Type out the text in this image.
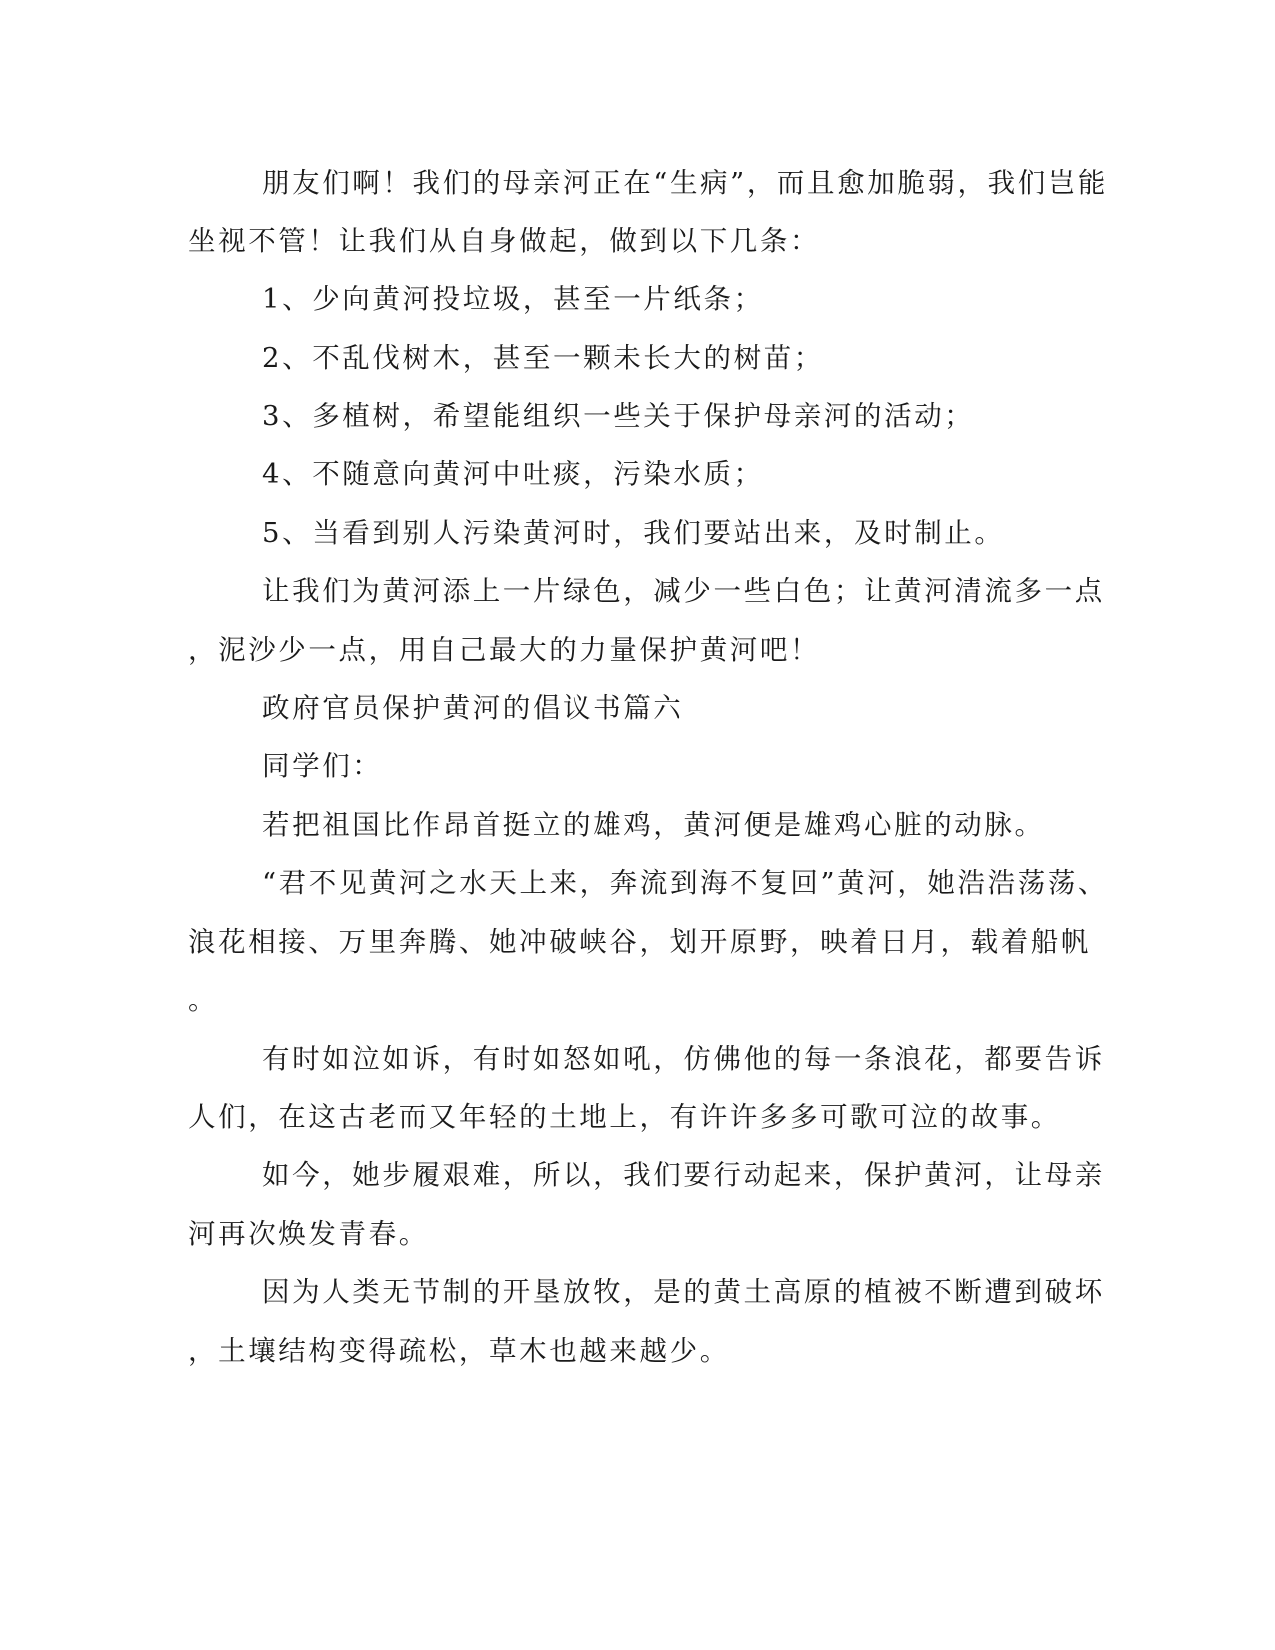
朋友们啊！我们的母亲河正在“生病”，而且愈加脆弱，我们岂能
坐视不管！让我们从自身做起，做到以下几条：
1、少向黄河投垃圾，甚至一片纸条；
2、不乱伐树木，甚至一颗未长大的树苗；
3、多植树，希望能组织一些关于保护母亲河的活动；
4、不随意向黄河中吐痰，污染水质；
5、当看到别人污染黄河时，我们要站出来，及时制止。
让我们为黄河添上一片绿色，减少一些白色；让黄河清流多一点
，泥沙少一点，用自己最大的力量保护黄河吧！
政府官员保护黄河的倡议书篇六
同学们：
若把祖国比作昂首挺立的雄鸡，黄河便是雄鸡心脏的动脉。
“君不见黄河之水天上来，奔流到海不复回”黄河，她浩浩荡荡、
浪花相接、万里奔腾、她冲破峡谷，划开原野，映着日月，载着船帆
。
有时如泣如诉，有时如怒如吼，仿佛他的每一条浪花，都要告诉
人们，在这古老而又年轻的土地上，有许许多多可歌可泣的故事。
如今，她步履艰难，所以，我们要行动起来，保护黄河，让母亲
河再次焕发青春。
因为人类无节制的开垦放牧，是的黄土高原的植被不断遭到破坏
，土壤结构变得疏松，草木也越来越少。
